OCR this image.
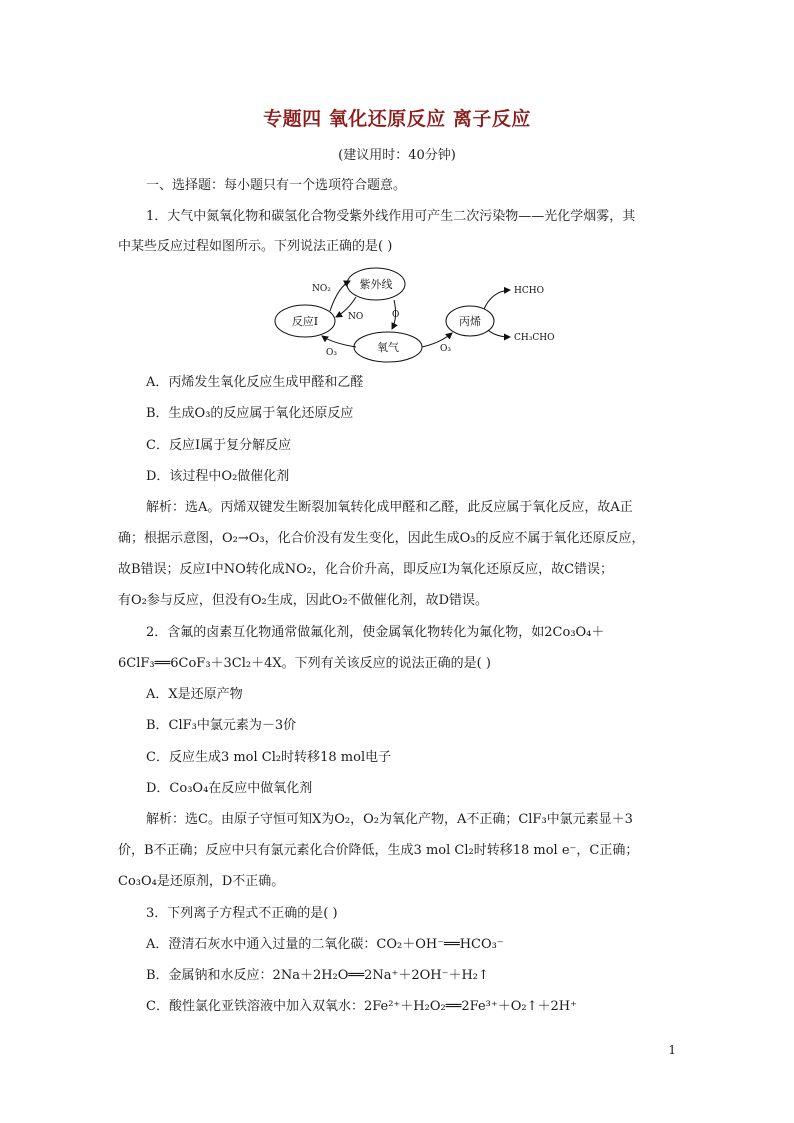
专题四 氧化还原反应 离子反应
(建议用时：40分钟)
一、选择题：每小题只有一个选项符合题意。
1．大气中氮氧化物和碳氢化合物受紫外线作用可产生二次污染物——光化学烟雾，其
中某些反应过程如图所示。下列说法正确的是( )
紫外线
反应Ⅰ
氧气
丙烯
NO₂
NO	O
O₃	O₃
HCHO
CH₃CHO
A．丙烯发生氧化反应生成甲醛和乙醛
B．生成O₃的反应属于氧化还原反应
C．反应Ⅰ属于复分解反应
D．该过程中O₂做催化剂
解析：选A。丙烯双键发生断裂加氧转化成甲醛和乙醛，此反应属于氧化反应，故A正
确；根据示意图，O₂→O₃，化合价没有发生变化，因此生成O₃的反应不属于氧化还原反应，
故B错误；反应Ⅰ中NO转化成NO₂，化合价升高，即反应Ⅰ为氧化还原反应，故C错误；
有O₂参与反应，但没有O₂生成，因此O₂不做催化剂，故D错误。
2．含氟的卤素互化物通常做氟化剂，使金属氧化物转化为氟化物，如2Co₃O₄＋
6ClF₃══6CoF₃＋3Cl₂＋4X。下列有关该反应的说法正确的是( )
A．X是还原产物
B．ClF₃中氯元素为－3价
C．反应生成3 mol Cl₂时转移18 mol电子
D．Co₃O₄在反应中做氧化剂
解析：选C。由原子守恒可知X为O₂，O₂为氧化产物，A不正确；ClF₃中氯元素显＋3
价，B不正确；反应中只有氯元素化合价降低，生成3 mol Cl₂时转移18 mol e⁻，C正确；
Co₃O₄是还原剂，D不正确。
3．下列离子方程式不正确的是( )
A．澄清石灰水中通入过量的二氧化碳：CO₂＋OH⁻══HCO₃⁻
B．金属钠和水反应：2Na＋2H₂O══2Na⁺＋2OH⁻＋H₂↑
C．酸性氯化亚铁溶液中加入双氧水：2Fe²⁺＋H₂O₂══2Fe³⁺＋O₂↑＋2H⁺
1
